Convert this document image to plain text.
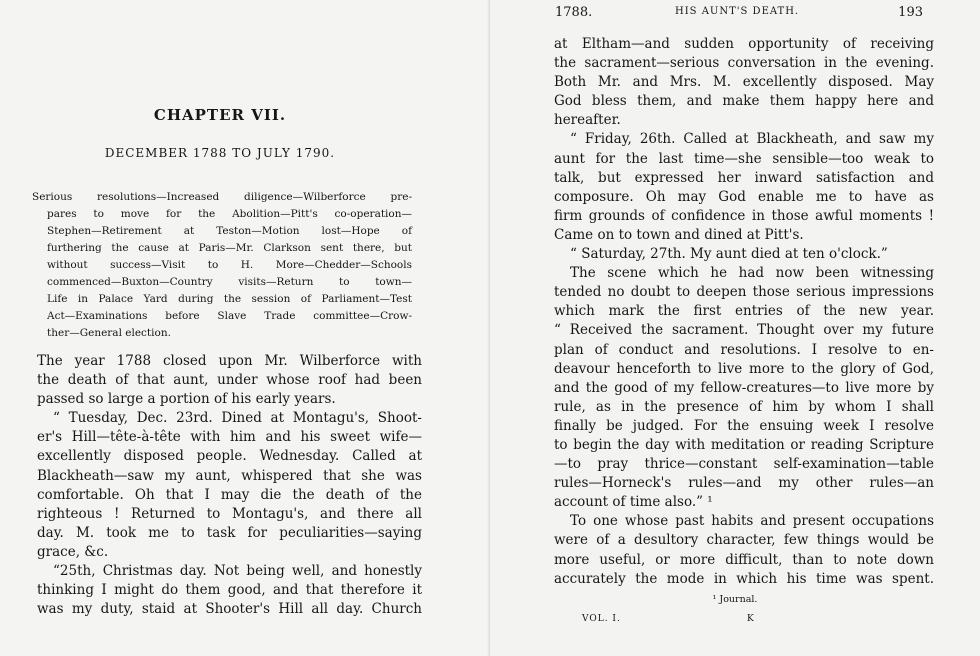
CHAPTER VII.
DECEMBER 1788 TO JULY 1790.
Serious resolutions—Increased diligence—Wilberforce pre-
pares to move for the Abolition—Pitt's co-operation—
Stephen—Retirement at Teston—Motion lost—Hope of
furthering the cause at Paris—Mr. Clarkson sent there, but
without success—Visit to H. More—Chedder—Schools
commenced—Buxton—Country visits—Return to town—
Life in Palace Yard during the session of Parliament—Test
Act—Examinations before Slave Trade committee—Crow-
ther—General election.
The year 1788 closed upon Mr. Wilberforce with
the death of that aunt, under whose roof had been
passed so large a portion of his early years.
“ Tuesday, Dec. 23rd. Dined at Montagu's, Shoot-
er's Hill—tête-à-tête with him and his sweet wife—
excellently disposed people. Wednesday. Called at
Blackheath—saw my aunt, whispered that she was
comfortable. Oh that I may die the death of the
righteous ! Returned to Montagu's, and there all
day. M. took me to task for peculiarities—saying
grace, &c.
“25th, Christmas day. Not being well, and honestly
thinking I might do them good, and that therefore it
was my duty, staid at Shooter's Hill all day. Church
1788.	HIS AUNT'S DEATH.	193
at Eltham—and sudden opportunity of receiving
the sacrament—serious conversation in the evening.
Both Mr. and Mrs. M. excellently disposed. May
God bless them, and make them happy here and
hereafter.
“ Friday, 26th. Called at Blackheath, and saw my
aunt for the last time—she sensible—too weak to
talk, but expressed her inward satisfaction and
composure. Oh may God enable me to have as
firm grounds of confidence in those awful moments !
Came on to town and dined at Pitt's.
“ Saturday, 27th. My aunt died at ten o'clock.”
The scene which he had now been witnessing
tended no doubt to deepen those serious impressions
which mark the first entries of the new year.
“ Received the sacrament. Thought over my future
plan of conduct and resolutions. I resolve to en-
deavour henceforth to live more to the glory of God,
and the good of my fellow-creatures—to live more by
rule, as in the presence of him by whom I shall
finally be judged. For the ensuing week I resolve
to begin the day with meditation or reading Scripture
—to pray thrice—constant self-examination—table
rules—Horneck's rules—and my other rules—an
account of time also.” ¹
To one whose past habits and present occupations
were of a desultory character, few things would be
more useful, or more difficult, than to note down
accurately the mode in which his time was spent.
¹ Journal.
VOL. I.	K
